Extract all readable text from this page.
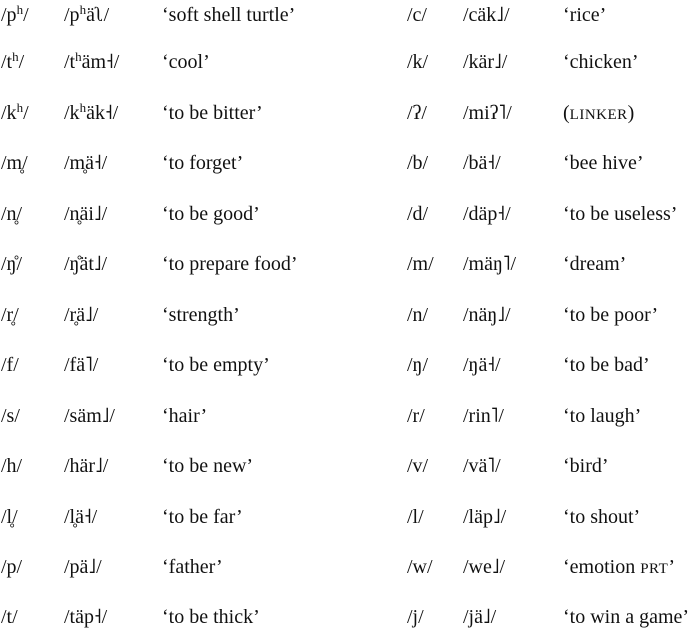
$/p^h/$ $/p^häʅ/$	‘soft shell turtle’	/c/ /cäk˩/	‘rice’
$/t^h/$ $/t^häm˧/$ ‘cool’	/k/ /kär˩/	‘chicken’
$/k^h/$ $/k^häk˧/$ ‘to be bitter’	/ʔ/ /miʔ˥/	(LINKER)
/m̥/ /m̥ä˧/	‘to forget’	/b/ /bä˧/	‘bee hive’
/n̥/ /n̥äi˩/	‘to be good’	/d/ /däp˧/	‘to be useless’
/ŋ̊/ /ŋ̊ät˩/	‘to prepare food’	/m/ /mäŋ˥/ ‘dream’
/r̥/ /r̥ä˩/	‘strength’	/n/ /näŋ˩/	‘to be poor’
/f/ /fä˥/	‘to be empty’	/ŋ/ /ŋä˧/	‘to be bad’
/s/ /säm˩/ ‘hair’	/r/ /rin˥/	‘to laugh’
/h/ /här˩/	‘to be new’	/v/ /vä˥/	‘bird’
/l̥/ /l̥ä˧/	‘to be far’	/l/ /läp˩/	‘to shout’
/p/ /pä˩/	‘father’	/w/ /we˩/	‘emotion PRT’
/t/ /täp˧/	‘to be thick’	/j/ /jä˩/	‘to win a game’
